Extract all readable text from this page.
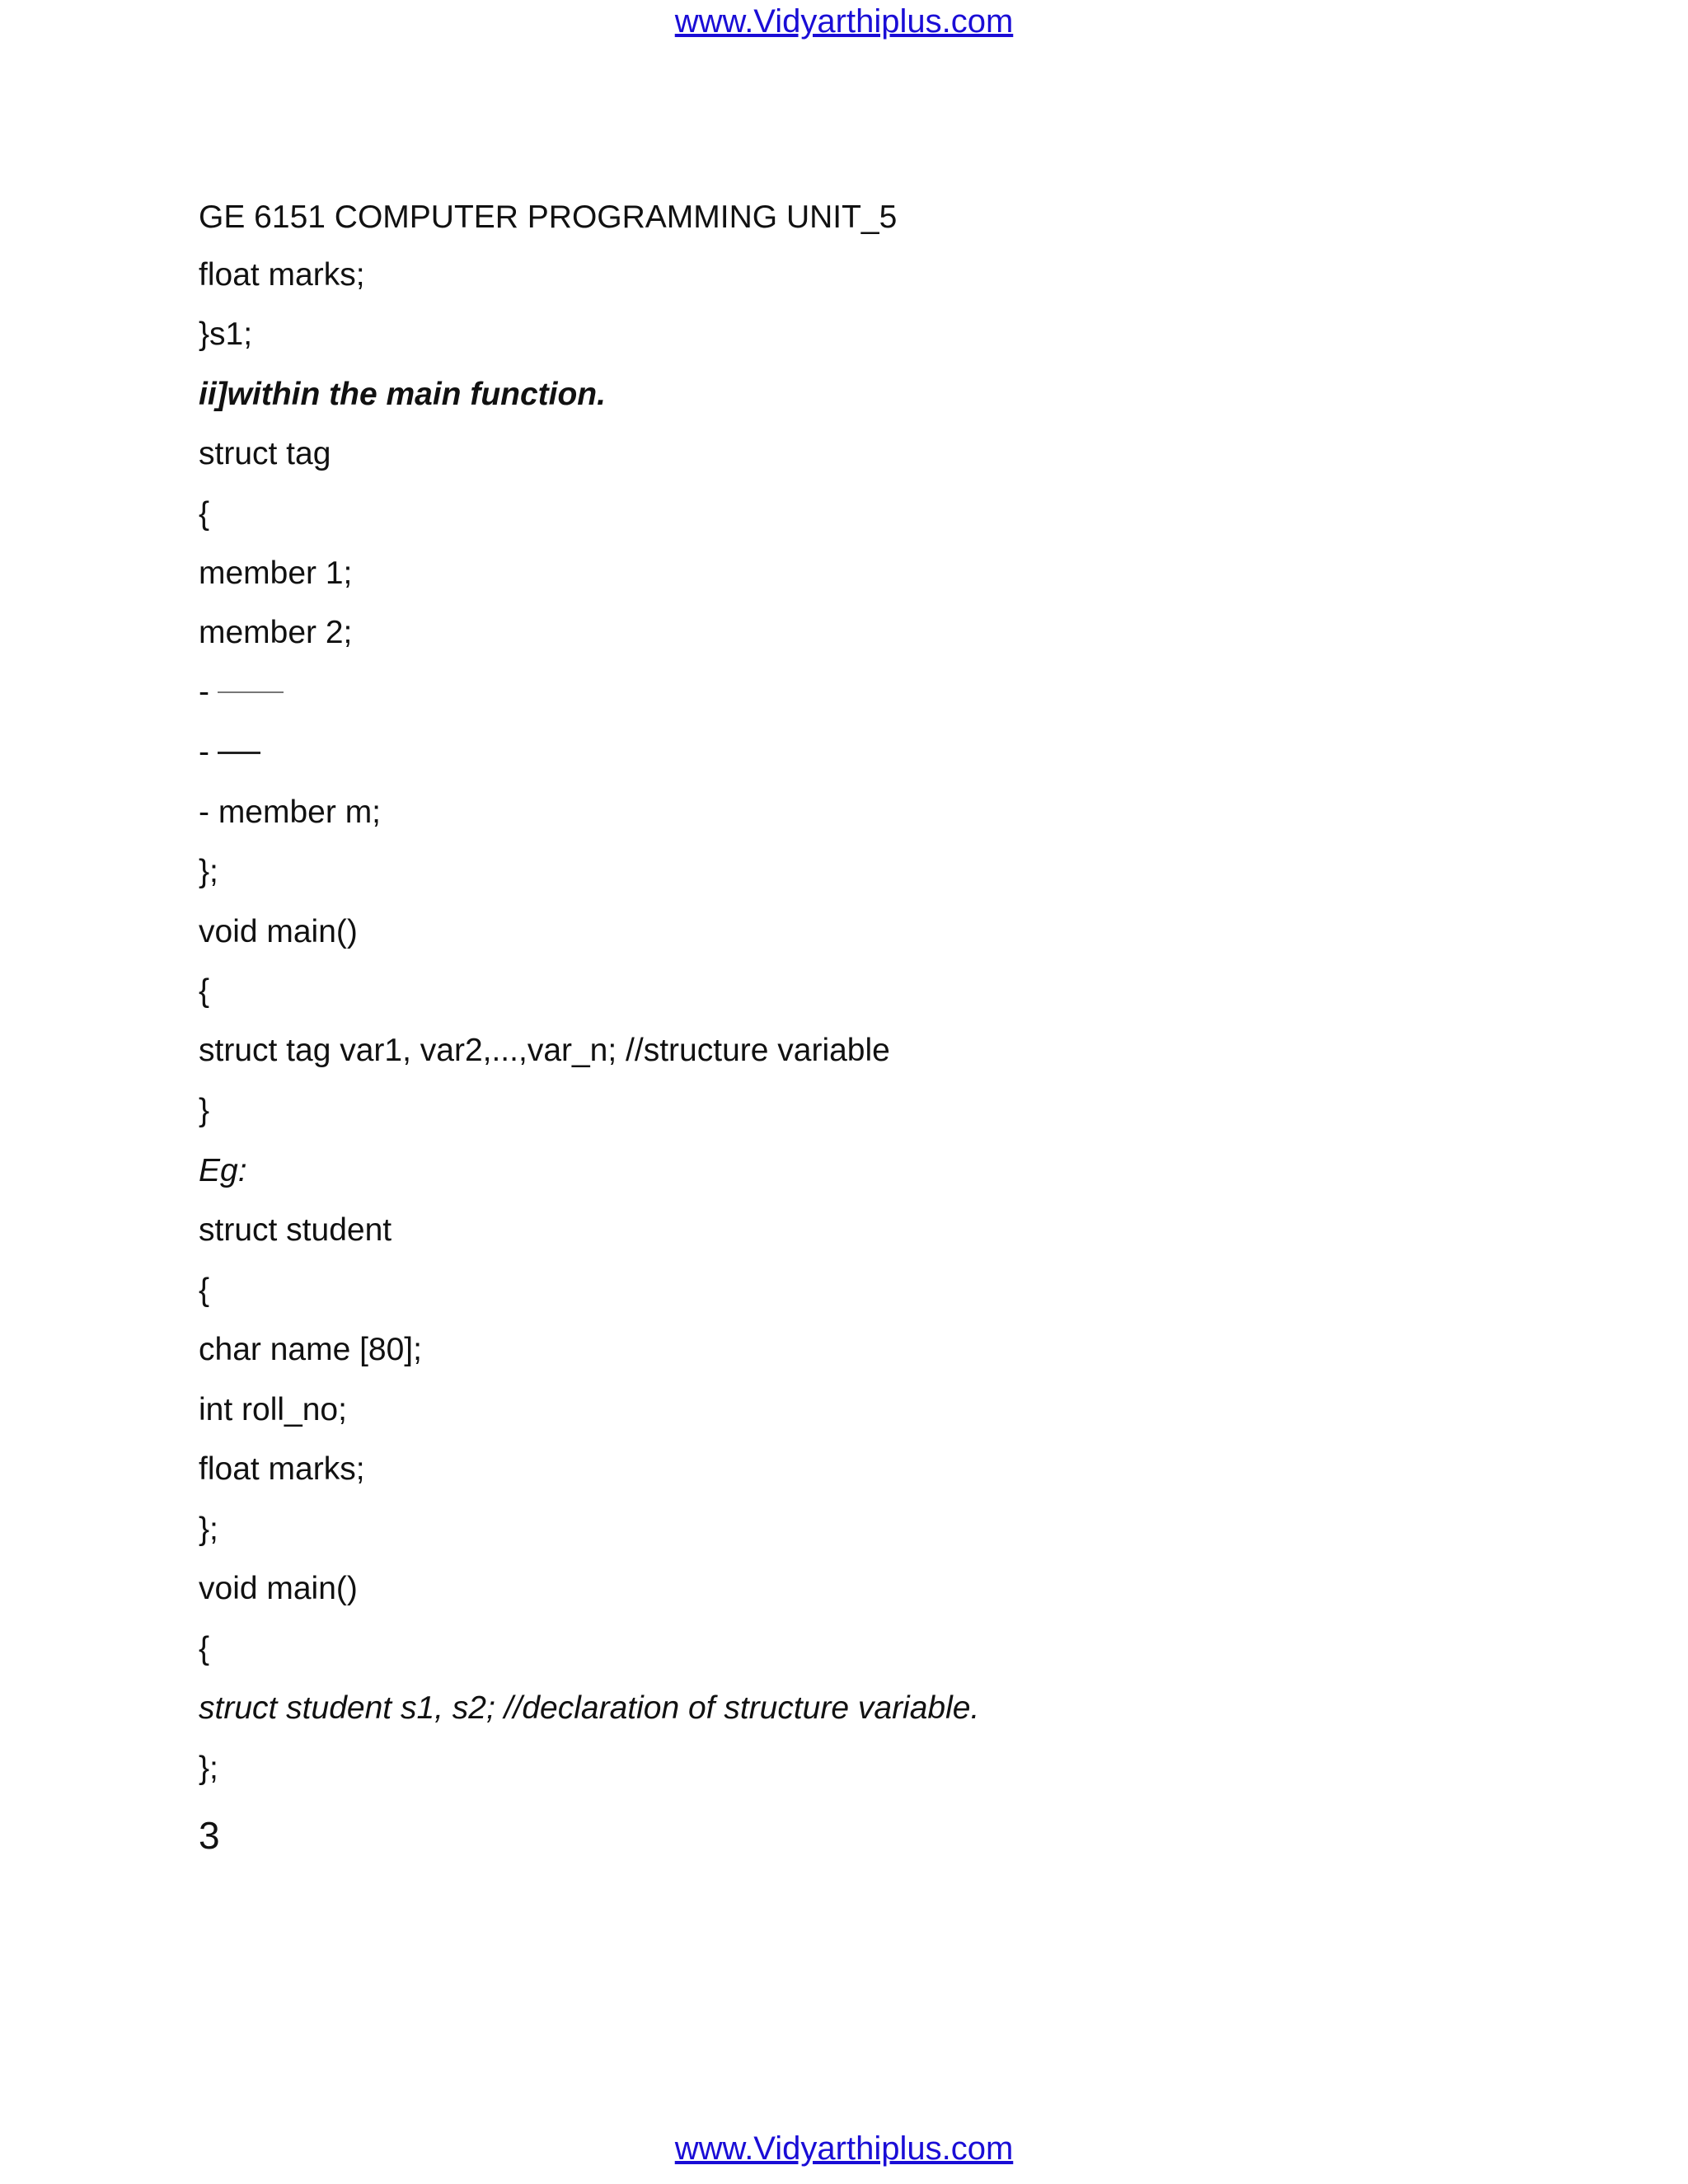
www.Vidyarthiplus.com
GE 6151 COMPUTER PROGRAMMING UNIT_5
float marks;
}s1;
ii]within the main function.
struct tag
{
member 1;
member 2;
-
-
- member m;
};
void main()
{
struct tag var1, var2,...,var_n; //structure variable
}
Eg:
struct student
{
char name [80];
int roll_no;
float marks;
};
void main()
{
struct student s1, s2; //declaration of structure variable.
};
3
www.Vidyarthiplus.com
